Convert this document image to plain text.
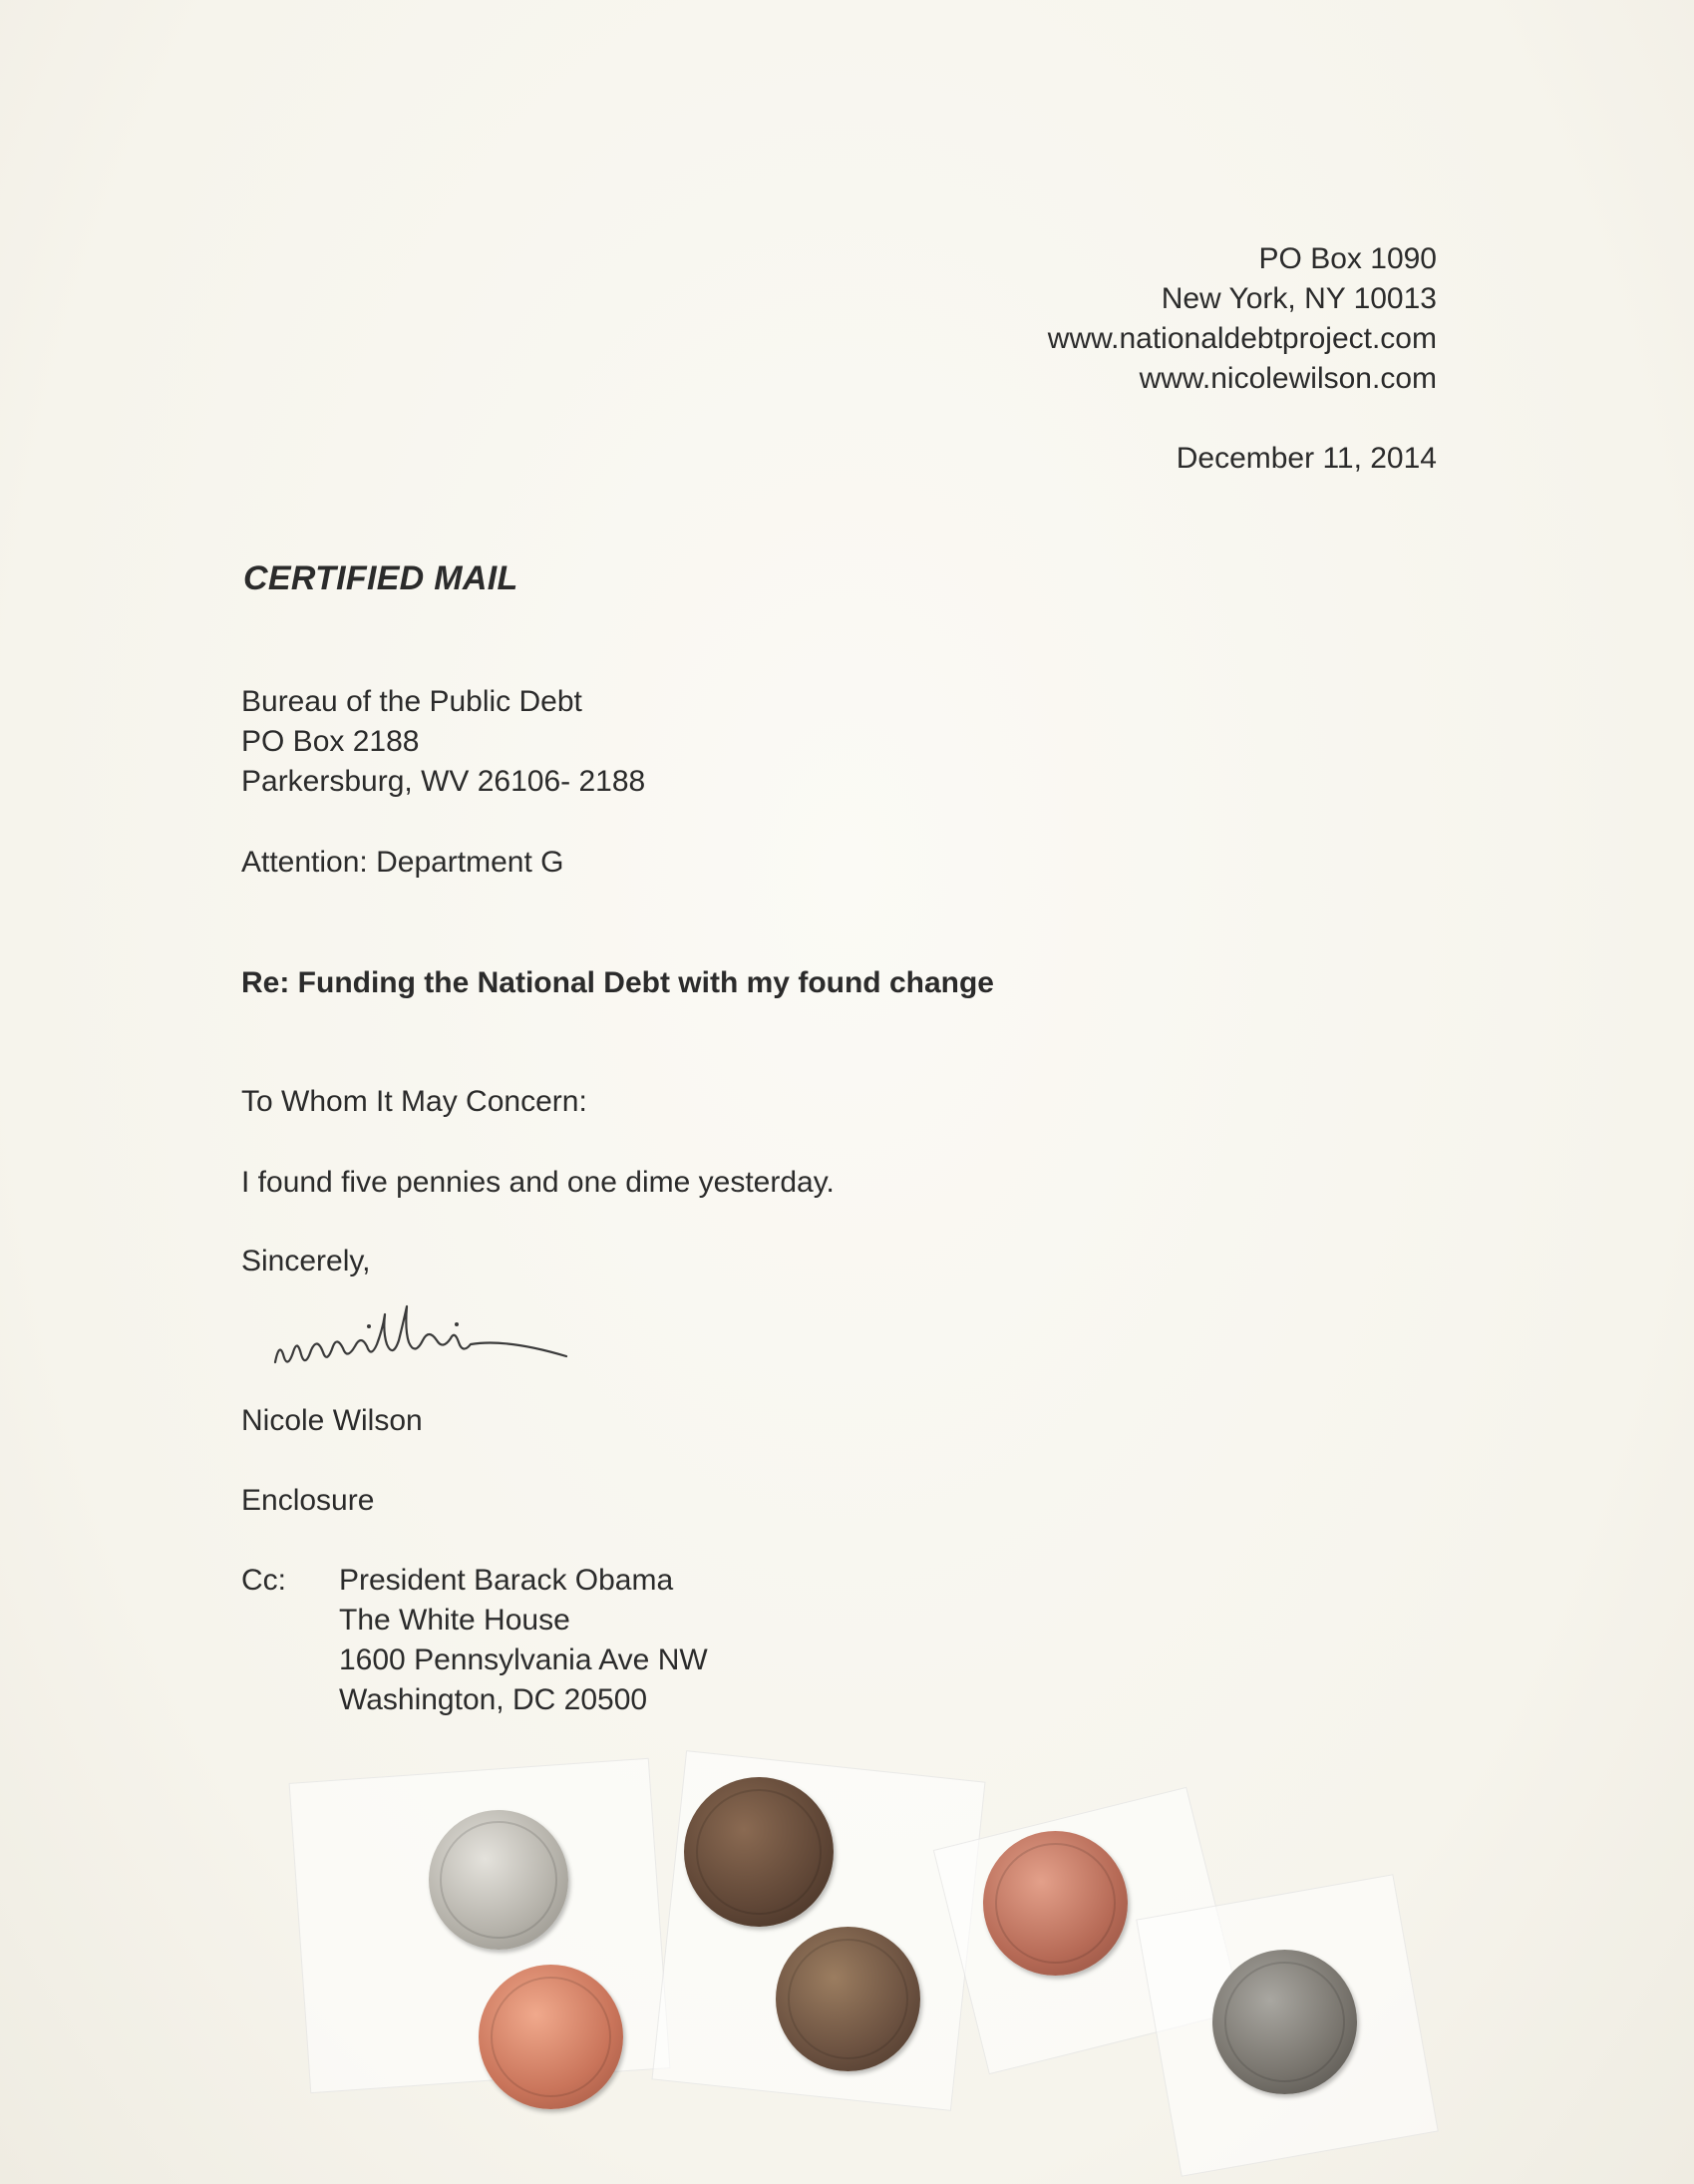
PO Box 1090
New York, NY 10013
www.nationaldebtproject.com
www.nicolewilson.com
December 11, 2014
CERTIFIED MAIL
Bureau of the Public Debt
PO Box 2188
Parkersburg, WV 26106- 2188
Attention: Department G
Re: Funding the National Debt with my found change
To Whom It May Concern:
I found five pennies and one dime yesterday.
Sincerely,
Nicole Wilson
Enclosure
Cc: President Barack Obama
The White House
1600 Pennsylvania Ave NW
Washington, DC 20500
